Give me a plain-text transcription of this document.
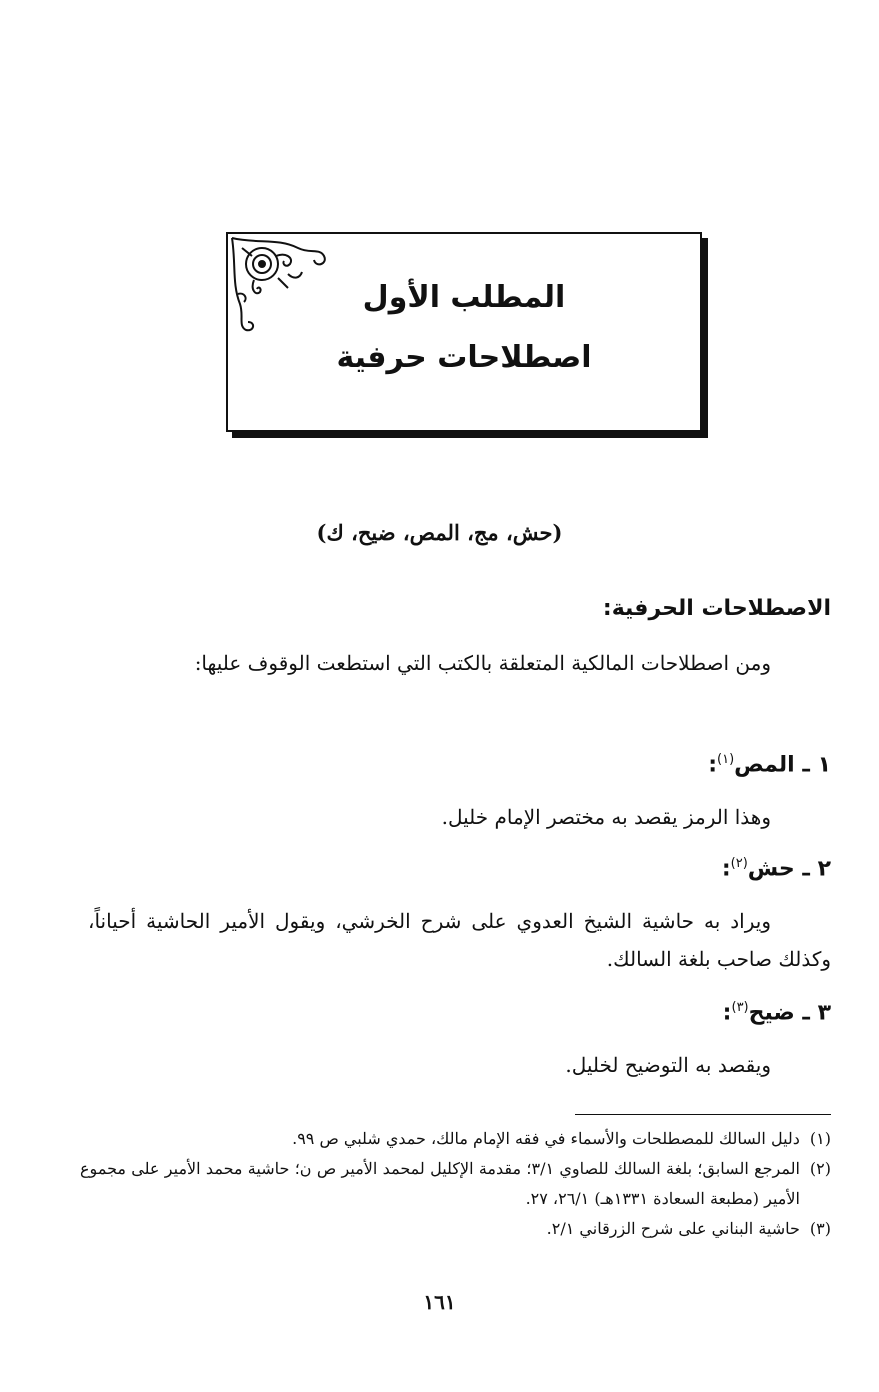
المطلب الأول
اصطلاحات حرفية
(حش، مج، المص، ضيح، ك)
الاصطلاحات الحرفية:
ومن اصطلاحات المالكية المتعلقة بالكتب التي استطعت الوقوف عليها:
١ ـ المص$^{(١)}$:
وهذا الرمز يقصد به مختصر الإمام خليل.
٢ ـ حش$^{(٢)}$:
ويراد به حاشية الشيخ العدوي على شرح الخرشي، ويقول الأمير الحاشية أحياناً، وكذلك صاحب بلغة السالك.
٣ ـ ضيح$^{(٣)}$:
ويقصد به التوضيح لخليل.
(١)
دليل السالك للمصطلحات والأسماء في فقه الإمام مالك، حمدي شلبي ص ٩٩.
(٢)
المرجع السابق؛ بلغة السالك للصاوي ٣/١؛ مقدمة الإكليل لمحمد الأمير ص ن؛ حاشية محمد الأمير على مجموع الأمير (مطبعة السعادة ١٣٣١هـ) ٢٦/١، ٢٧.
(٣)
حاشية البناني على شرح الزرقاني ٢/١.
١٦١
